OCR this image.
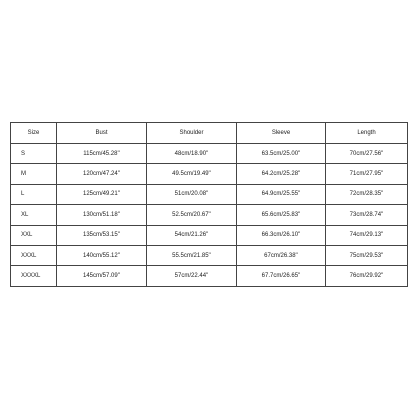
Size	Bust	Shoulder	Sleeve	Length
S	115cm/45.28''	48cm/18.90''	63.5cm/25.00''	70cm/27.56''
M	120cm/47.24''	49.5cm/19.49''	64.2cm/25.28''	71cm/27.95''
L	125cm/49.21''	51cm/20.08''	64.9cm/25.55''	72cm/28.35''
XL	130cm/51.18''	52.5cm/20.67''	65.6cm/25.83''	73cm/28.74''
XXL	135cm/53.15''	54cm/21.26''	66.3cm/26.10''	74cm/29.13''
XXXL	140cm/55.12''	55.5cm/21.85''	67cm/26.38''	75cm/29.53''
XXXXL	145cm/57.09''	57cm/22.44''	67.7cm/26.65''	76cm/29.92''
